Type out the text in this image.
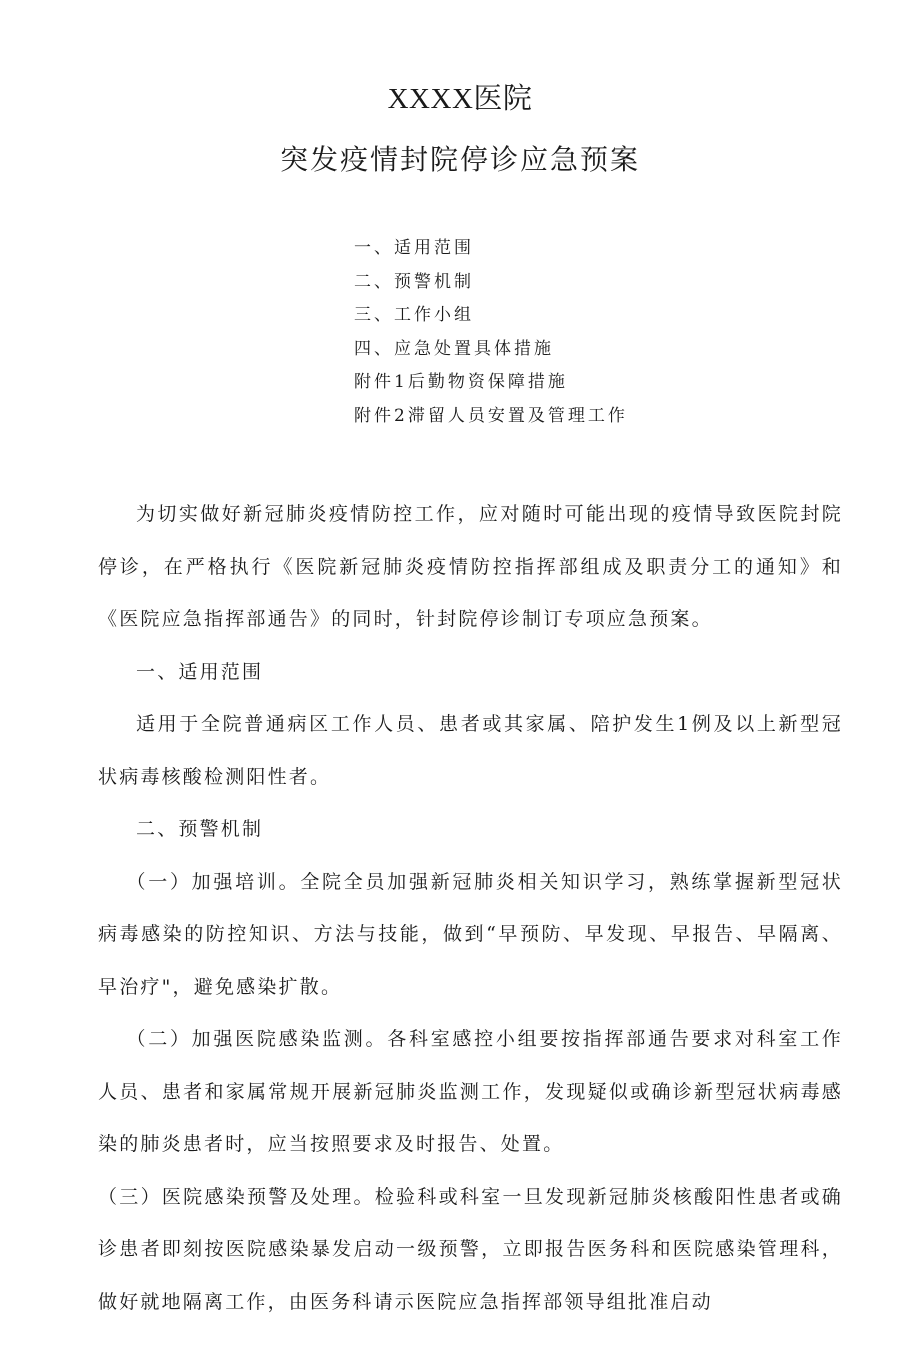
XXXX医院
突发疫情封院停诊应急预案
一、适用范围
二、预警机制
三、工作小组
四、应急处置具体措施
附件1后勤物资保障措施
附件2滞留人员安置及管理工作

为切实做好新冠肺炎疫情防控工作，应对随时可能出现的疫情导致医院封院停诊，在严格执行《医院新冠肺炎疫情防控指挥部组成及职责分工的通知》和《医院应急指挥部通告》的同时，针封院停诊制订专项应急预案。

一、适用范围

适用于全院普通病区工作人员、患者或其家属、陪护发生1例及以上新型冠状病毒核酸检测阳性者。

二、预警机制

（一）加强培训。全院全员加强新冠肺炎相关知识学习，熟练掌握新型冠状病毒感染的防控知识、方法与技能，做到“早预防、早发现、早报告、早隔离、早治疗"，避免感染扩散。

（二）加强医院感染监测。各科室感控小组要按指挥部通告要求对科室工作人员、患者和家属常规开展新冠肺炎监测工作，发现疑似或确诊新型冠状病毒感染的肺炎患者时，应当按照要求及时报告、处置。

（三）医院感染预警及处理。检验科或科室一旦发现新冠肺炎核酸阳性患者或确诊患者即刻按医院感染暴发启动一级预警，立即报告医务科和医院感染管理科，做好就地隔离工作，由医务科请示医院应急指挥部领导组批准启动
